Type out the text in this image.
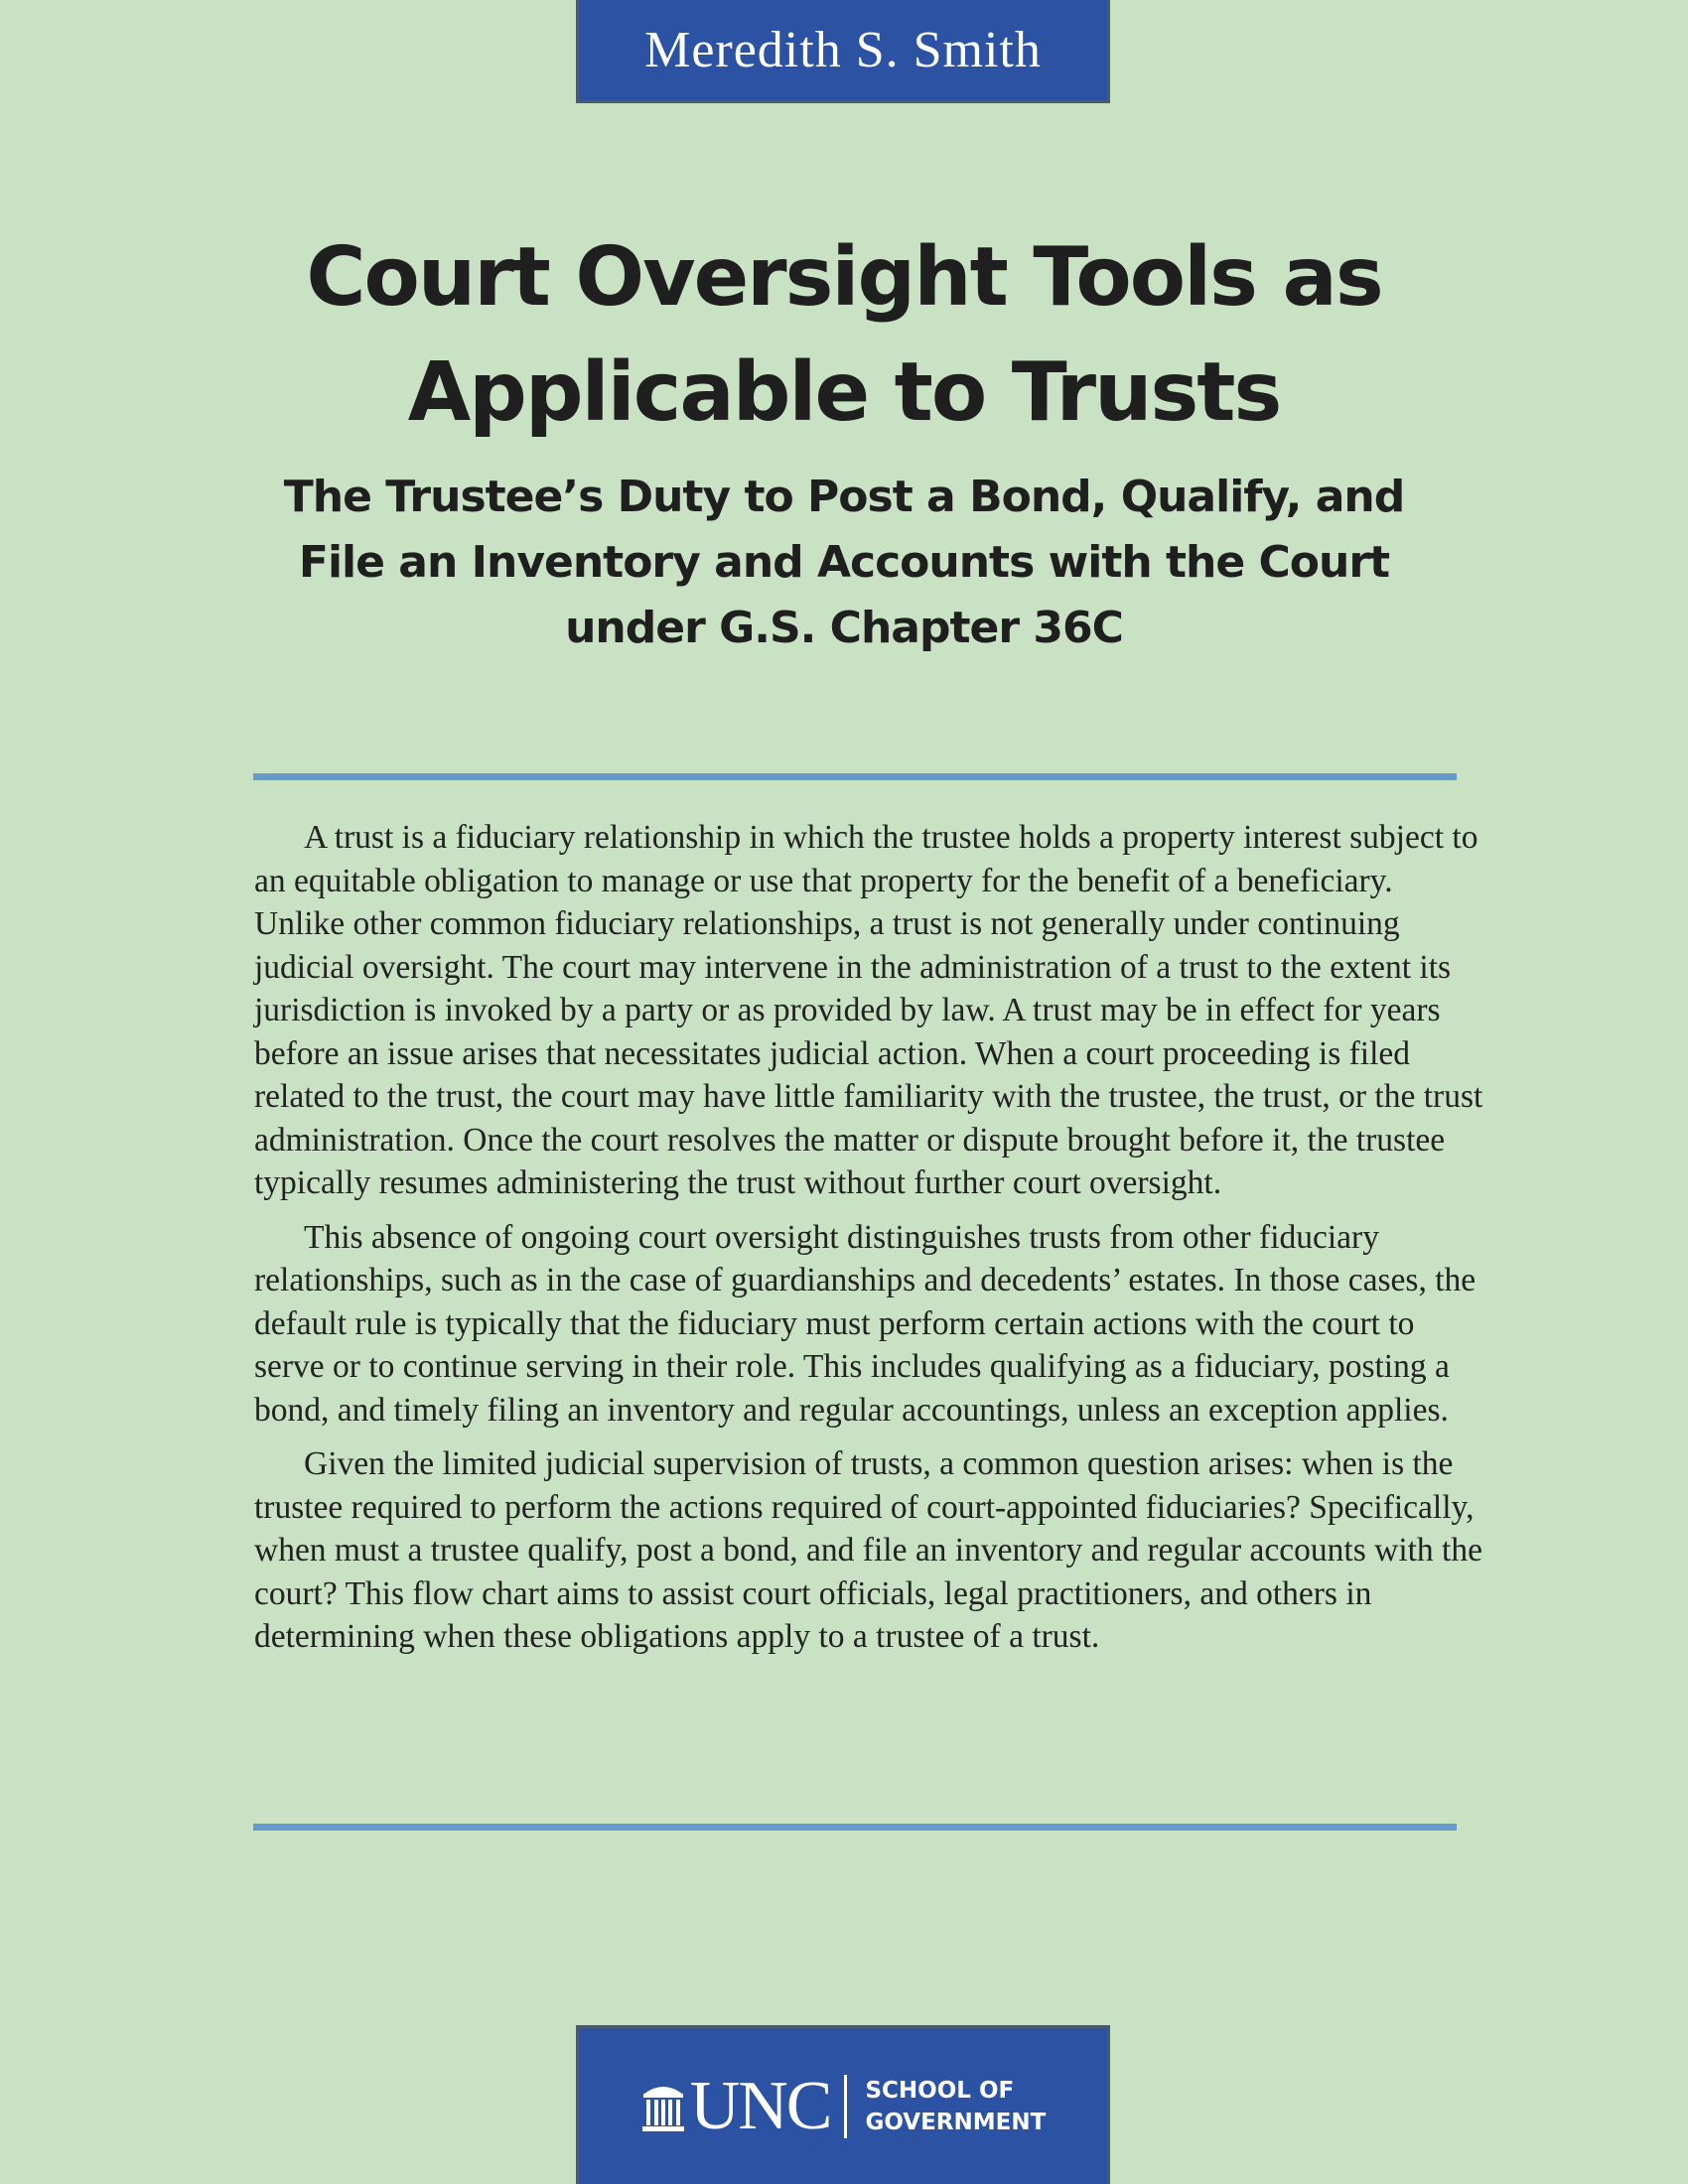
Meredith S. Smith
Court Oversight Tools as
Applicable to Trusts
The Trustee’s Duty to Post a Bond, Qualify, and
File an Inventory and Accounts with the Court
under G.S. Chapter 36C

A trust is a fiduciary relationship in which the trustee holds a property interest subject to an equitable obligation to manage or use that property for the benefit of a beneficiary. Unlike other common fiduciary relationships, a trust is not generally under continuing judicial oversight. The court may intervene in the administration of a trust to the extent its jurisdiction is invoked by a party or as provided by law. A trust may be in effect for years before an issue arises that necessitates judicial action. When a court proceeding is filed related to the trust, the court may have little familiarity with the trustee, the trust, or the trust administration. Once the court resolves the matter or dispute brought before it, the trustee typically resumes administering the trust without further court oversight.

This absence of ongoing court oversight distinguishes trusts from other fiduciary relationships, such as in the case of guardianships and decedents’ estates. In those cases, the default rule is typically that the fiduciary must perform certain actions with the court to serve or to continue serving in their role. This includes qualifying as a fiduciary, posting a bond, and timely filing an inventory and regular accountings, unless an exception applies.

Given the limited judicial supervision of trusts, a common question arises: when is the trustee required to perform the actions required of court-appointed fiduciaries? Specifically, when must a trustee qualify, post a bond, and file an inventory and regular accounts with the court? This flow chart aims to assist court officials, legal practitioners, and others in determining when these obligations apply to a trustee of a trust.

UNC SCHOOL OF
GOVERNMENT
